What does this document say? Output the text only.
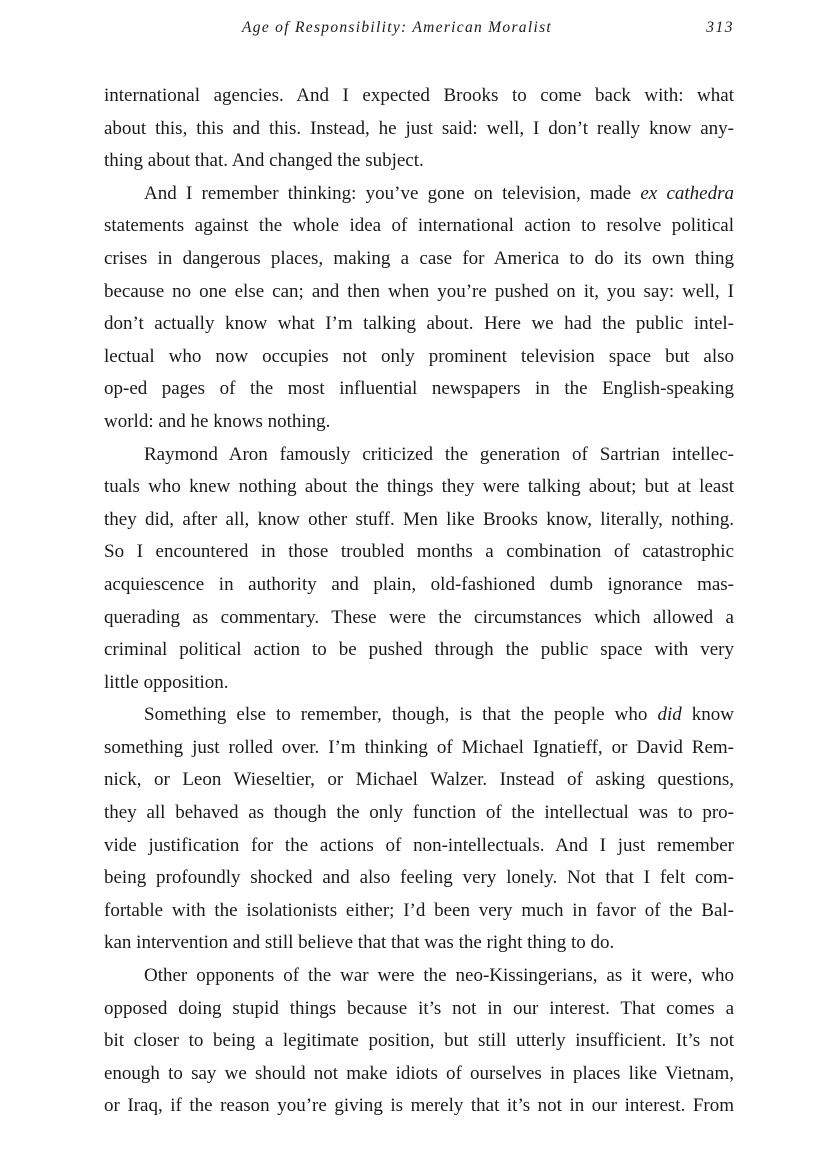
Age of Responsibility: American Moralist	313
international agencies. And I expected Brooks to come back with: what
about this, this and this. Instead, he just said: well, I don’t really know any-
thing about that. And changed the subject.
And I remember thinking: you’ve gone on television, made ex cathedra
statements against the whole idea of international action to resolve political
crises in dangerous places, making a case for America to do its own thing
because no one else can; and then when you’re pushed on it, you say: well, I
don’t actually know what I’m talking about. Here we had the public intel-
lectual who now occupies not only prominent television space but also
op-ed pages of the most influential newspapers in the English-speaking
world: and he knows nothing.
Raymond Aron famously criticized the generation of Sartrian intellec-
tuals who knew nothing about the things they were talking about; but at least
they did, after all, know other stuff. Men like Brooks know, literally, nothing.
So I encountered in those troubled months a combination of catastrophic
acquiescence in authority and plain, old-fashioned dumb ignorance mas-
querading as commentary. These were the circumstances which allowed a
criminal political action to be pushed through the public space with very
little opposition.
Something else to remember, though, is that the people who did know
something just rolled over. I’m thinking of Michael Ignatieff, or David Rem-
nick, or Leon Wieseltier, or Michael Walzer. Instead of asking questions,
they all behaved as though the only function of the intellectual was to pro-
vide justification for the actions of non-intellectuals. And I just remember
being profoundly shocked and also feeling very lonely. Not that I felt com-
fortable with the isolationists either; I’d been very much in favor of the Bal-
kan intervention and still believe that that was the right thing to do.
Other opponents of the war were the neo-Kissingerians, as it were, who
opposed doing stupid things because it’s not in our interest. That comes a
bit closer to being a legitimate position, but still utterly insufficient. It’s not
enough to say we should not make idiots of ourselves in places like Vietnam,
or Iraq, if the reason you’re giving is merely that it’s not in our interest. From
